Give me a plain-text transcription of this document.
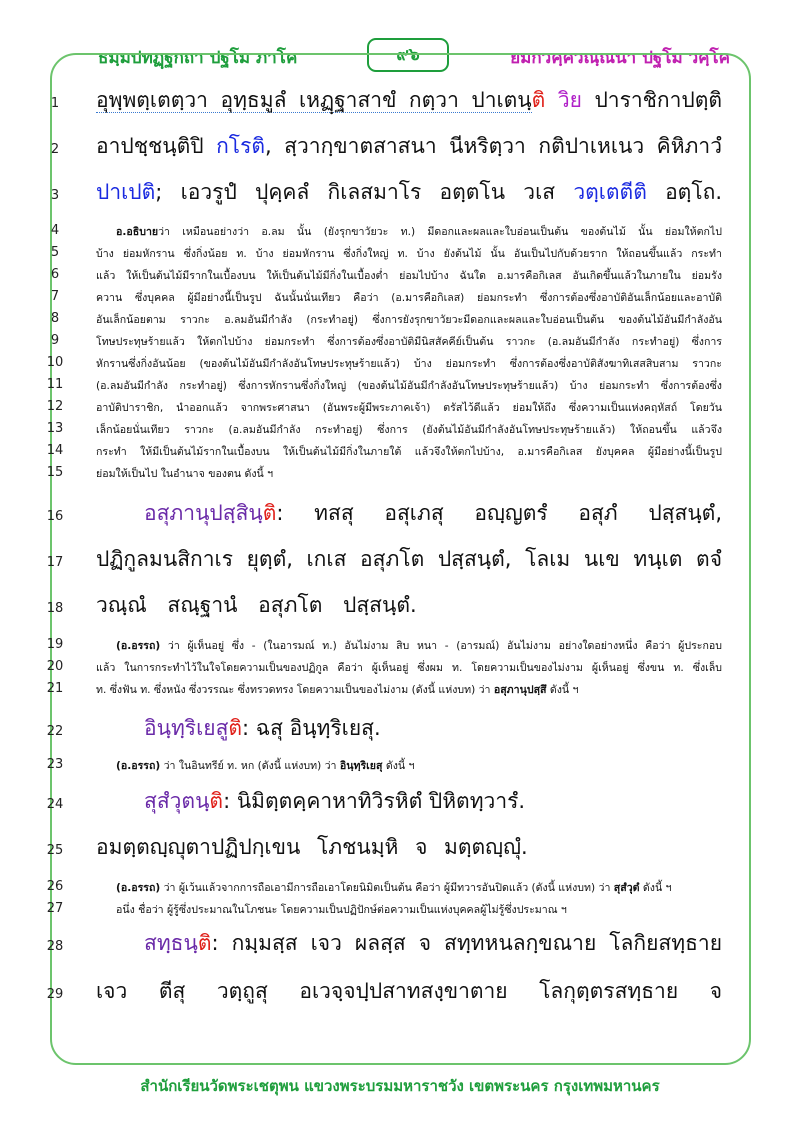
ธมฺมปทฏฺฐกถา ปฐโม ภาโค	๙๖	ยมกวคฺควณฺณนา ปฐโม วคฺโค
1
2
3
4
5
6
7
8
9
10
11
12
13
14
15
16
17
18
19
20
21
22
23
24
25
26
27
28
29
อุพฺพตฺเตตฺวา อุทฺธมูลํ เหฏฺฐาสาขํ กตฺวา ปาเตนฺติ วิย ปาราชิกาปตฺติ
อาปชฺชนฺติปิ กโรติ, สฺวากฺขาตสาสนา นีหริตฺวา กติปาเหเนว คิหิภาวํ
ปาเปติ; เอวรูปํ ปุคฺคลํ กิเลสมาโร อตฺตโน วเส วตฺเตตีติ อตฺโถ.
อ.อธิบายว่า เหมือนอย่างว่า อ.ลม นั้น (ยังรุกขาวัยวะ ท.) มีดอกและผลและใบอ่อนเป็นต้น ของต้นไม้ นั้น ย่อมให้ตกไป
บ้าง ย่อมหักราน ซึ่งกิ่งน้อย ท. บ้าง ย่อมหักราน ซึ่งกิ่งใหญ่ ท. บ้าง ยังต้นไม้ นั้น อันเป็นไปกับด้วยราก ให้ถอนขึ้นแล้ว กระทำ
แล้ว ให้เป็นต้นไม้มีรากในเบื้องบน ให้เป็นต้นไม้มีกิ่งในเบื้องต่ำ ย่อมไปบ้าง ฉันใด อ.มารคือกิเลส อันเกิดขึ้นแล้วในภายใน ย่อมรัง
ควาน ซึ่งบุคคล ผู้มีอย่างนี้เป็นรูป ฉันนั้นนั่นเทียว คือว่า (อ.มารคือกิเลส) ย่อมกระทำ ซึ่งการต้องซึ่งอาบัติอันเล็กน้อยและอาบัติ
อันเล็กน้อยตาม ราวกะ อ.ลมอันมีกำลัง (กระทำอยู่) ซึ่งการยังรุกขาวัยวะมีดอกและผลและใบอ่อนเป็นต้น ของต้นไม้อันมีกำลังอัน
โทษประทุษร้ายแล้ว ให้ตกไปบ้าง ย่อมกระทำ ซึ่งการต้องซึ่งอาบัติมีนิสสัคคีย์เป็นต้น ราวกะ (อ.ลมอันมีกำลัง กระทำอยู่) ซึ่งการ
หักรานซึ่งกิ่งอันน้อย (ของต้นไม้อันมีกำลังอันโทษประทุษร้ายแล้ว) บ้าง ย่อมกระทำ ซึ่งการต้องซึ่งอาบัติสังฆาทิเสสสิบสาม ราวกะ
(อ.ลมอันมีกำลัง กระทำอยู่) ซึ่งการหักรานซึ่งกิ่งใหญ่ (ของต้นไม้อันมีกำลังอันโทษประทุษร้ายแล้ว) บ้าง ย่อมกระทำ ซึ่งการต้องซึ่ง
อาบัติปาราชิก, นำออกแล้ว จากพระศาสนา (อันพระผู้มีพระภาคเจ้า) ตรัสไว้ดีแล้ว ย่อมให้ถึง ซึ่งความเป็นแห่งคฤหัสถ์ โดยวัน
เล็กน้อยนั่นเทียว ราวกะ (อ.ลมอันมีกำลัง กระทำอยู่) ซึ่งการ (ยังต้นไม้อันมีกำลังอันโทษประทุษร้ายแล้ว) ให้ถอนขึ้น แล้วจึง
กระทำ ให้มีเป็นต้นไม้รากในเบื้องบน ให้เป็นต้นไม้มีกิ่งในภายใต้ แล้วจึงให้ตกไปบ้าง, อ.มารคือกิเลส ยังบุคคล ผู้มีอย่างนี้เป็นรูป
ย่อมให้เป็นไป ในอำนาจ ของตน ดังนี้ ฯ
อสุภานุปสฺสินฺติ: ทสสุ อสุเภสุ อญฺญตรํ อสุภํ ปสฺสนฺตํ,
ปฏิกูลมนสิกาเร ยุตฺตํ, เกเส อสุภโต ปสฺสนฺตํ, โลเม นเข ทนฺเต ตจํ
วณฺณํ สณฺฐานํ อสุภโต ปสฺสนฺตํ.
(อ.อรรถ) ว่า ผู้เห็นอยู่ ซึ่ง - (ในอารมณ์ ท.) อันไม่งาม สิบ หนา - (อารมณ์) อันไม่งาม อย่างใดอย่างหนึ่ง คือว่า ผู้ประกอบ
แล้ว ในการกระทำไว้ในใจโดยความเป็นของปฏิกูล คือว่า ผู้เห็นอยู่ ซึ่งผม ท. โดยความเป็นของไม่งาม ผู้เห็นอยู่ ซึ่งขน ท. ซึ่งเล็บ
ท. ซึ่งฟัน ท. ซึ่งหนัง ซึ่งวรรณะ ซึ่งทรวดทรง โดยความเป็นของไม่งาม (ดังนี้ แห่งบท) ว่า อสุภานุปสฺสึ ดังนี้ ฯ
อินฺทฺริเยสูติ: ฉสุ อินฺทฺริเยสุ.
(อ.อรรถ) ว่า ในอินทรีย์ ท. หก (ดังนี้ แห่งบท) ว่า อินฺทฺริเยสุ ดังนี้ ฯ
สุสํวุตนฺติ: นิมิตฺตคฺคาหาทิวิรหิตํ ปิหิตทฺวารํ.
อมตฺตญฺญุตาปฏิปกฺเขน โภชนมฺหิ จ มตฺตญฺญุํ.
(อ.อรรถ) ว่า ผู้เว้นแล้วจากการถือเอามีการถือเอาโดยนิมิตเป็นต้น คือว่า ผู้มีทวารอันปิดแล้ว (ดังนี้ แห่งบท) ว่า สุสํวุตํ ดังนี้ ฯ
อนึ่ง ชื่อว่า ผู้รู้ซึ่งประมาณในโภชนะ โดยความเป็นปฏิปักษ์ต่อความเป็นแห่งบุคคลผู้ไม่รู้ซึ่งประมาณ ฯ
สทฺธนฺติ: กมฺมสฺส เจว ผลสฺส จ สทฺทหนลกฺขณาย โลกิยสทฺธาย
เจว ตีสุ วตฺถูสุ อเวจฺจปฺปสาทสงฺขาตาย โลกุตฺตรสทฺธาย จ
สำนักเรียนวัดพระเชตุพน แขวงพระบรมมหาราชวัง เขตพระนคร กรุงเทพมหานคร
